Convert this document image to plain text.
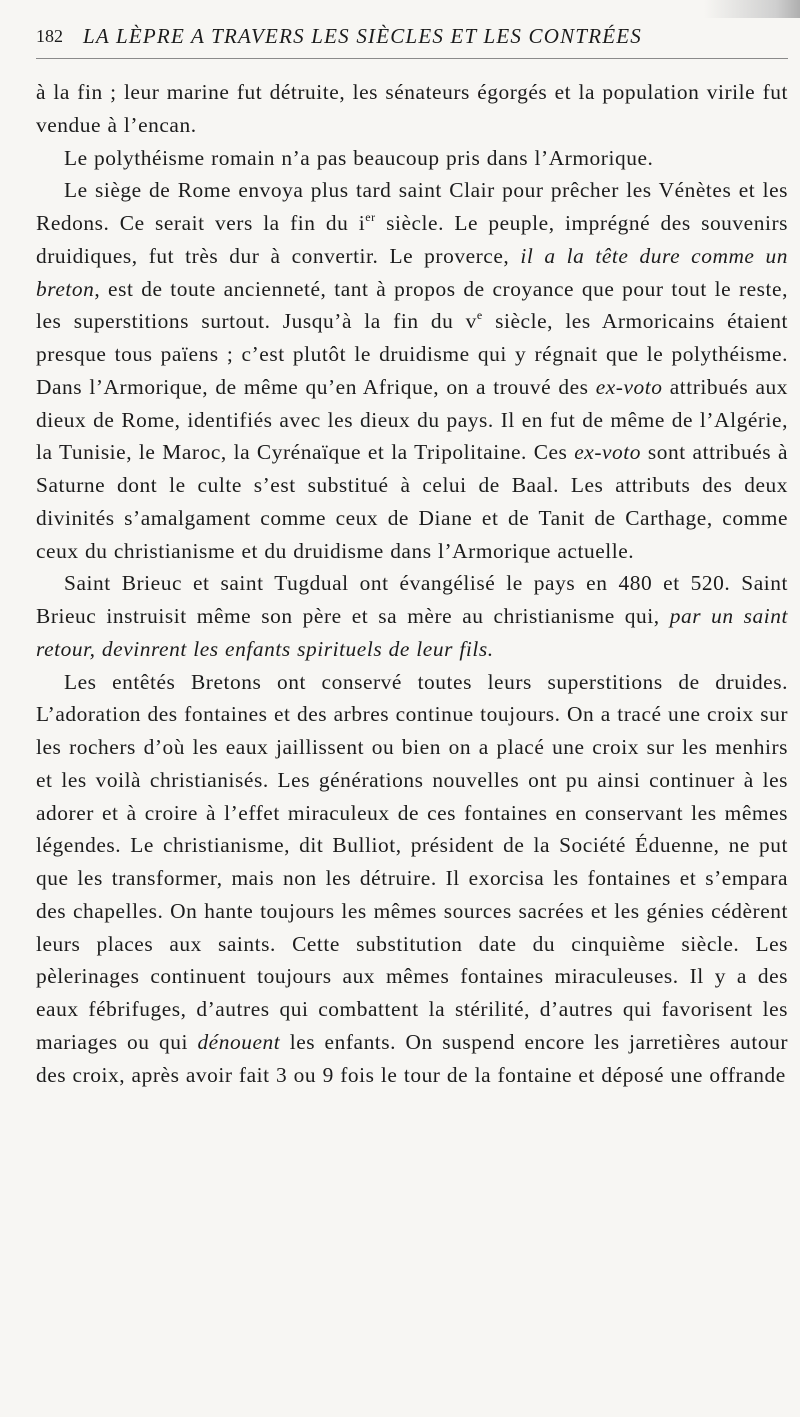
182 LA LÈPRE A TRAVERS LES SIÈCLES ET LES CONTRÉES

à la fin ; leur marine fut détruite, les sénateurs égorgés et la population virile fut vendue à l’encan.

Le polythéisme romain n’a pas beaucoup pris dans l’Armorique.

Le siège de Rome envoya plus tard saint Clair pour prêcher les Vénètes et les Redons. Ce serait vers la fin du $i^{er}$ siècle. Le peuple, imprégné des souvenirs druidiques, fut très dur à convertir. Le proverce, il a la tête dure comme un breton, est de toute ancienneté, tant à propos de croyance que pour tout le reste, les superstitions surtout. Jusqu’à la fin du $v^e$ siècle, les Armoricains étaient presque tous païens ; c’est plutôt le druidisme qui y régnait que le polythéisme. Dans l’Armorique, de même qu’en Afrique, on a trouvé des ex-voto attribués aux dieux de Rome, identifiés avec les dieux du pays. Il en fut de même de l’Algérie, la Tunisie, le Maroc, la Cyrénaïque et la Tripolitaine. Ces ex-voto sont attribués à Saturne dont le culte s’est substitué à celui de Baal. Les attributs des deux divinités s’amalgament comme ceux de Diane et de Tanit de Carthage, comme ceux du christianisme et du druidisme dans l’Armorique actuelle.

Saint Brieuc et saint Tugdual ont évangélisé le pays en 480 et 520. Saint Brieuc instruisit même son père et sa mère au christianisme qui, par un saint retour, devinrent les enfants spirituels de leur fils.

Les entêtés Bretons ont conservé toutes leurs superstitions de druides. L’adoration des fontaines et des arbres continue toujours. On a tracé une croix sur les rochers d’où les eaux jaillissent ou bien on a placé une croix sur les menhirs et les voilà christianisés. Les générations nouvelles ont pu ainsi continuer à les adorer et à croire à l’effet miraculeux de ces fontaines en conservant les mêmes légendes. Le christianisme, dit Bulliot, président de la Société Éduenne, ne put que les transformer, mais non les détruire. Il exorcisa les fontaines et s’empara des chapelles. On hante toujours les mêmes sources sacrées et les génies cédèrent leurs places aux saints. Cette substitution date du cinquième siècle. Les pèlerinages continuent toujours aux mêmes fontaines miraculeuses. Il y a des eaux fébrifuges, d’autres qui combattent la stérilité, d’autres qui favorisent les mariages ou qui dénouent les enfants. On suspend encore les jarretières autour des croix, après avoir fait 3 ou 9 fois le tour de la fontaine et déposé une offrande
